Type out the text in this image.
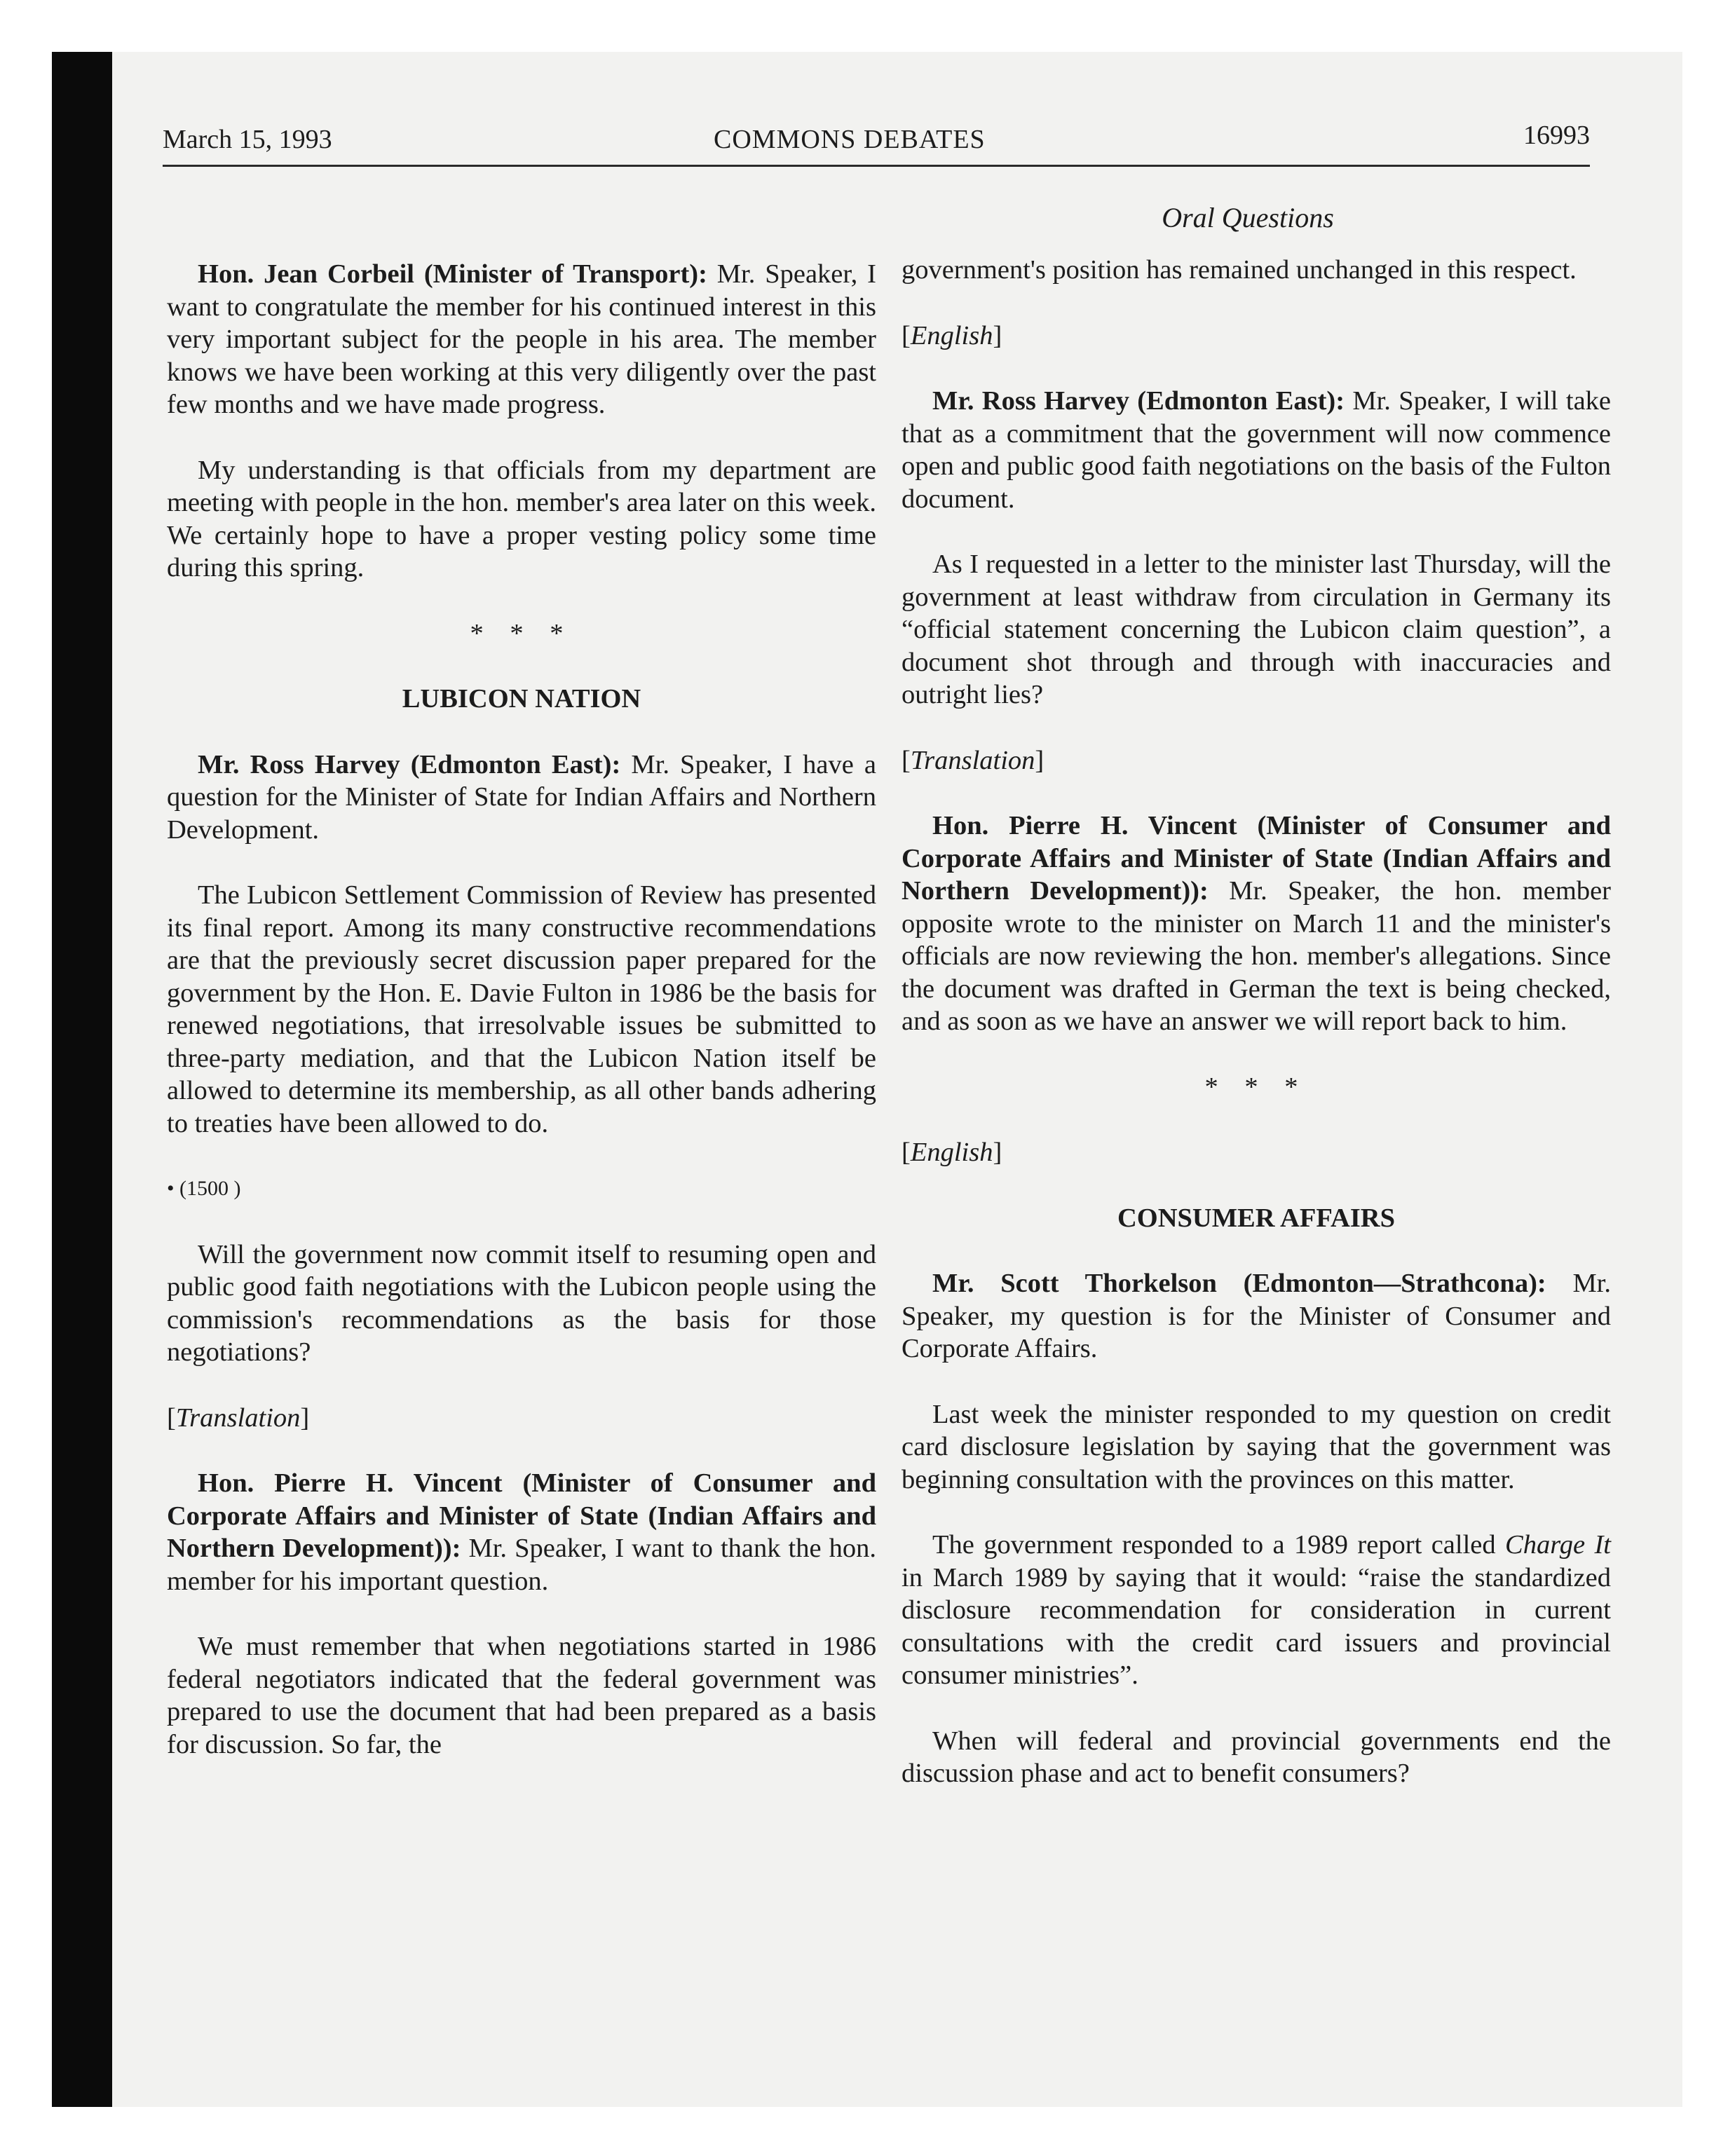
March 15, 1993	COMMONS DEBATES	16993
Oral Questions

Hon. Jean Corbeil (Minister of Transport): Mr. Speaker, I want to congratulate the member for his continued interest in this very important subject for the people in his area. The member knows we have been working at this very diligently over the past few months and we have made progress.

My understanding is that officials from my department are meeting with people in the hon. member's area later on this week. We certainly hope to have a proper vesting policy some time during this spring.

* * *
LUBICON NATION

Mr. Ross Harvey (Edmonton East): Mr. Speaker, I have a question for the Minister of State for Indian Affairs and Northern Development.

The Lubicon Settlement Commission of Review has presented its final report. Among its many constructive recommendations are that the previously secret discussion paper prepared for the government by the Hon. E. Davie Fulton in 1986 be the basis for renewed negotiations, that irresolvable issues be submitted to three-party mediation, and that the Lubicon Nation itself be allowed to determine its membership, as all other bands adhering to treaties have been allowed to do.

• (1500 )

Will the government now commit itself to resuming open and public good faith negotiations with the Lubicon people using the commission's recommendations as the basis for those negotiations?

[Translation]

Hon. Pierre H. Vincent (Minister of Consumer and Corporate Affairs and Minister of State (Indian Affairs and Northern Development)): Mr. Speaker, I want to thank the hon. member for his important question.

We must remember that when negotiations started in 1986 federal negotiators indicated that the federal government was prepared to use the document that had been prepared as a basis for discussion. So far, the

government's position has remained unchanged in this respect.

[English]

Mr. Ross Harvey (Edmonton East): Mr. Speaker, I will take that as a commitment that the government will now commence open and public good faith negotiations on the basis of the Fulton document.

As I requested in a letter to the minister last Thursday, will the government at least withdraw from circulation in Germany its “official statement concerning the Lubicon claim question”, a document shot through and through with inaccuracies and outright lies?

[Translation]

Hon. Pierre H. Vincent (Minister of Consumer and Corporate Affairs and Minister of State (Indian Affairs and Northern Development)): Mr. Speaker, the hon. member opposite wrote to the minister on March 11 and the minister's officials are now reviewing the hon. member's allegations. Since the document was drafted in German the text is being checked, and as soon as we have an answer we will report back to him.

* * *
[English]
CONSUMER AFFAIRS

Mr. Scott Thorkelson (Edmonton—Strathcona): Mr. Speaker, my question is for the Minister of Consumer and Corporate Affairs.

Last week the minister responded to my question on credit card disclosure legislation by saying that the government was beginning consultation with the provinces on this matter.

The government responded to a 1989 report called Charge It in March 1989 by saying that it would: “raise the standardized disclosure recommendation for consideration in current consultations with the credit card issuers and provincial consumer ministries”.

When will federal and provincial governments end the discussion phase and act to benefit consumers?
